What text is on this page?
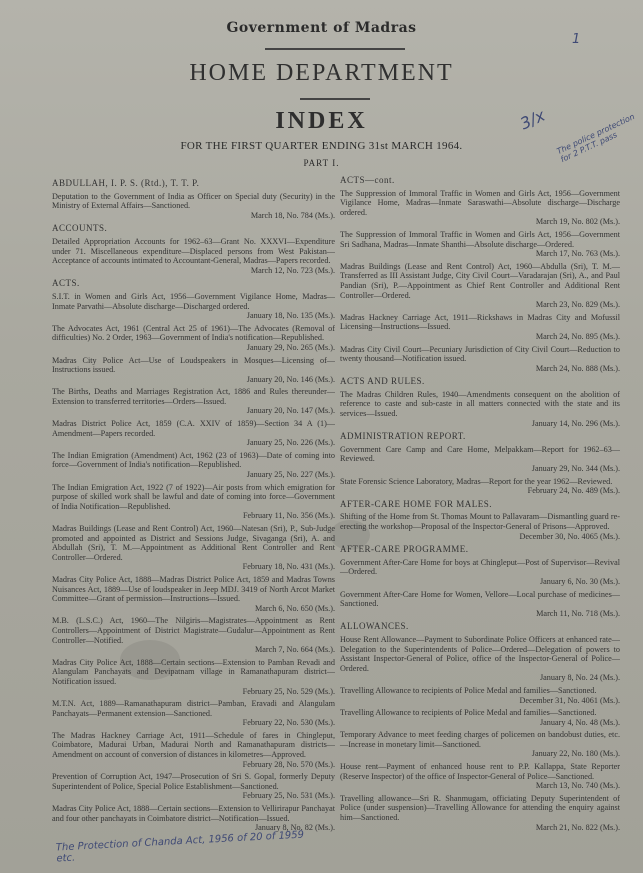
Government of Madras
HOME DEPARTMENT
INDEX
FOR THE FIRST QUARTER ENDING 31st MARCH 1964.
PART I.
ABDULLAH, I. P. S. (Rtd.), T. T. P.
Deputation to the Government of India as Officer on Special duty (Security) in the Ministry of External Affairs—Sanctioned.
March 18, No. 784 (Ms.).
ACCOUNTS.
Detailed Appropriation Accounts for 1962–63—Grant No. XXXVI—Expenditure under 71. Miscellaneous expenditure—Displaced persons from West Pakistan—Acceptance of accounts intimated to Accountant-General, Madras—Papers recorded.
March 12, No. 723 (Ms.).
ACTS.
S.I.T. in Women and Girls Act, 1956—Government Vigilance Home, Madras—Inmate Parvathi—Absolute discharge—Discharged ordered.
January 18, No. 135 (Ms.).
The Advocates Act, 1961 (Central Act 25 of 1961)—The Advocates (Removal of difficulties) No. 2 Order, 1963—Government of India's notification—Republished.
January 29, No. 265 (Ms.).
Madras City Police Act—Use of Loudspeakers in Mosques—Licensing of—Instructions issued.
January 20, No. 146 (Ms.).
The Births, Deaths and Marriages Registration Act, 1886 and Rules thereunder—Extension to transferred territories—Orders—Issued.
January 20, No. 147 (Ms.).
Madras District Police Act, 1859 (C.A. XXIV of 1859)—Section 34 A (1)—Amendment—Papers recorded.
January 25, No. 226 (Ms.).
The Indian Emigration (Amendment) Act, 1962 (23 of 1963)—Date of coming into force—Government of India's notification—Republished.
January 25, No. 227 (Ms.).
The Indian Emigration Act, 1922 (7 of 1922)—Air posts from which emigration for purpose of skilled work shall be lawful and date of coming into force—Government of India Notification—Republished.
February 11, No. 356 (Ms.).
Madras Buildings (Lease and Rent Control) Act, 1960—Natesan (Sri), P., Sub-Judge promoted and appointed as District and Sessions Judge, Sivaganga (Sri), A. and Abdullah (Sri), T. M.—Appointment as Additional Rent Controller and Rent Controller—Ordered.
February 18, No. 431 (Ms.).
Madras City Police Act, 1888—Madras District Police Act, 1859 and Madras Towns Nuisances Act, 1889—Use of loudspeaker in Jeep MDJ. 3419 of North Arcot Market Committee—Grant of permission—Instructions—Issued.
March 6, No. 650 (Ms.).
M.B. (L.S.C.) Act, 1960—The Nilgiris—Magistrates—Appointment as Rent Controllers—Appointment of District Magistrate—Gudalur—Appointment as Rent Controller—Notified.
March 7, No. 664 (Ms.).
Madras City Police Act, 1888—Certain sections—Extension to Pamban Revadi and Alangulam Panchayats and Devipatnam village in Ramanathapuram district—Notification issued.
February 25, No. 529 (Ms.).
M.T.N. Act, 1889—Ramanathapuram district—Pamban, Eravadi and Alangulam Panchayats—Permanent extension—Sanctioned.
February 22, No. 530 (Ms.).
The Madras Hackney Carriage Act, 1911—Schedule of fares in Chingleput, Coimbatore, Madurai Urban, Madurai North and Ramanathapuram districts—Amendment on account of conversion of distances in kilometres—Approved.
February 28, No. 570 (Ms.).
Prevention of Corruption Act, 1947—Prosecution of Sri S. Gopal, formerly Deputy Superintendent of Police, Special Police Establishment—Sanctioned.
February 25, No. 531 (Ms.).
Madras City Police Act, 1888—Certain sections—Extension to Vellirirapur Panchayat and four other panchayats in Coimbatore district—Notification—Issued.
January 8, No. 82 (Ms.).
ACTS—cont.
The Suppression of Immoral Traffic in Women and Girls Act, 1956—Government Vigilance Home, Madras—Inmate Saraswathi—Absolute discharge—Discharge ordered.
March 19, No. 802 (Ms.).
The Suppression of Immoral Traffic in Women and Girls Act, 1956—Government Sri Sadhana, Madras—Inmate Shanthi—Absolute discharge—Ordered.
March 17, No. 763 (Ms.).
Madras Buildings (Lease and Rent Control) Act, 1960—Abdulla (Sri), T. M.—Transferred as III Assistant Judge, City Civil Court—Varadarajan (Sri), A., and Paul Pandian (Sri), P.—Appointment as Chief Rent Controller and Additional Rent Controller—Ordered.
March 23, No. 829 (Ms.).
Madras Hackney Carriage Act, 1911—Rickshaws in Madras City and Mofussil Licensing—Instructions—Issued.
March 24, No. 895 (Ms.).
Madras City Civil Court—Pecuniary Jurisdiction of City Civil Court—Reduction to twenty thousand—Notification issued.
March 24, No. 888 (Ms.).
ACTS AND RULES.
The Madras Children Rules, 1940—Amendments consequent on the abolition of reference to caste and sub-caste in all matters connected with the state and its services—Issued.
January 14, No. 296 (Ms.).
ADMINISTRATION REPORT.
Government Care Camp and Care Home, Melpakkam—Report for 1962–63—Reviewed.
January 29, No. 344 (Ms.).
State Forensic Science Laboratory, Madras—Report for the year 1962—Reviewed.
February 24, No. 489 (Ms.).
AFTER-CARE HOME FOR MALES.
Shifting of the Home from St. Thomas Mount to Pallavaram—Dismantling guard re-erecting the workshop—Proposal of the Inspector-General of Prisons—Approved.
December 30, No. 4065 (Ms.).
AFTER-CARE PROGRAMME.
Government After-Care Home for boys at Chingleput—Post of Supervisor—Revival—Ordered.
January 6, No. 30 (Ms.).
Government After-Care Home for Women, Vellore—Local purchase of medicines—Sanctioned.
March 11, No. 718 (Ms.).
ALLOWANCES.
House Rent Allowance—Payment to Subordinate Police Officers at enhanced rate—Delegation to the Superintendents of Police—Ordered—Delegation of powers to Assistant Inspector-General of Police, office of the Inspector-General of Police—Ordered.
January 8, No. 24 (Ms.).
Travelling Allowance to recipients of Police Medal and families—Sanctioned.
December 31, No. 4061 (Ms.).
Travelling Allowance to recipients of Police Medal and families—Sanctioned.
January 4, No. 48 (Ms.).
Temporary Advance to meet feeding charges of policemen on bandobust duties, etc.—Increase in monetary limit—Sanctioned.
January 22, No. 180 (Ms.).
House rent—Payment of enhanced house rent to P.P. Kallappa, State Reporter (Reserve Inspector) of the office of Inspector-General of Police—Sanctioned.
March 13, No. 740 (Ms.).
Travelling allowance—Sri R. Shanmugam, officiating Deputy Superintendent of Police (under suspension)—Travelling Allowance for attending the enquiry against him—Sanctioned.
March 21, No. 822 (Ms.).
1
3/x The police protection for 2 P.T.T. pass
The Protection of Chanda Act, 1956 of 20 of 1959 etc.
